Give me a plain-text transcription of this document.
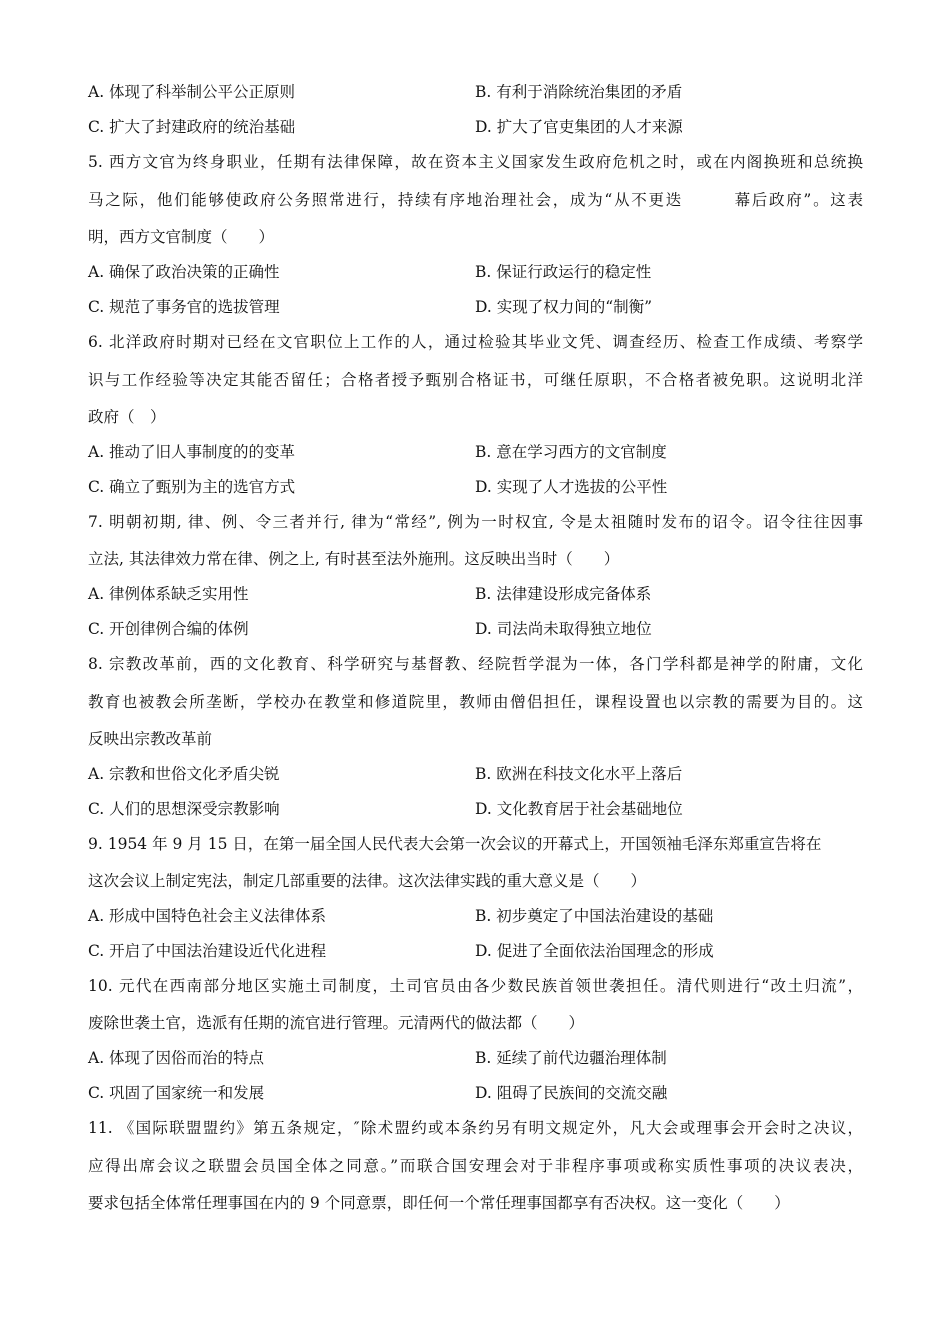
A. 体现了科举制公平公正原则	B. 有利于消除统治集团的矛盾
C. 扩大了封建政府的统治基础	D. 扩大了官吏集团的人才来源
5. 西方文官为终身职业，任期有法律保障，故在资本主义国家发生政府危机之时，或在内阁换班和总统换
马之际，他们能够使政府公务照常进行，持续有序地治理社会，成为“从不更迭　　　幕后政府”。这表
明，西方文官制度（　　）
A. 确保了政治决策的正确性	B. 保证行政运行的稳定性
C. 规范了事务官的选拔管理	D. 实现了权力间的“制衡”
6. 北洋政府时期对已经在文官职位上工作的人，通过检验其毕业文凭、调查经历、检查工作成绩、考察学
识与工作经验等决定其能否留任；合格者授予甄别合格证书，可继任原职，不合格者被免职。这说明北洋
政府（　）
A. 推动了旧人事制度的的变革	B. 意在学习西方的文官制度
C. 确立了甄别为主的选官方式	D. 实现了人才选拔的公平性
7. 明朝初期, 律、例、令三者并行, 律为“常经”, 例为一时权宜, 令是太祖随时发布的诏令。诏令往往因事
立法, 其法律效力常在律、例之上, 有时甚至法外施刑。这反映出当时（　　）
A. 律例体系缺乏实用性	B. 法律建设形成完备体系
C. 开创律例合编的体例	D. 司法尚未取得独立地位
8. 宗教改革前，西的文化教育、科学研究与基督教、经院哲学混为一体，各门学科都是神学的附庸，文化
教育也被教会所垄断，学校办在教堂和修道院里，教师由僧侣担任，课程设置也以宗教的需要为目的。这
反映出宗教改革前
A. 宗教和世俗文化矛盾尖锐	B. 欧洲在科技文化水平上落后
C. 人们的思想深受宗教影响	D. 文化教育居于社会基础地位
9. 1954 年 9 月 15 日，在第一届全国人民代表大会第一次会议的开幕式上，开国领袖毛泽东郑重宣告将在
这次会议上制定宪法，制定几部重要的法律。这次法律实践的重大意义是（　　）
A. 形成中国特色社会主义法律体系	B. 初步奠定了中国法治建设的基础
C. 开启了中国法治建设近代化进程	D. 促进了全面依法治国理念的形成
10. 元代在西南部分地区实施土司制度，土司官员由各少数民族首领世袭担任。清代则进行“改土归流”，
废除世袭土官，选派有任期的流官进行管理。元清两代的做法都（　　）
A. 体现了因俗而治的特点	B. 延续了前代边疆治理体制
C. 巩固了国家统一和发展	D. 阻碍了民族间的交流交融
11. 《国际联盟盟约》第五条规定，″除术盟约或本条约另有明文规定外，凡大会或理事会开会时之决议，
应得出席会议之联盟会员国全体之同意。”而联合国安理会对于非程序事项或称实质性事项的决议表决，
要求包括全体常任理事国在内的 9 个同意票，即任何一个常任理事国都享有否决权。这一变化（　　）
